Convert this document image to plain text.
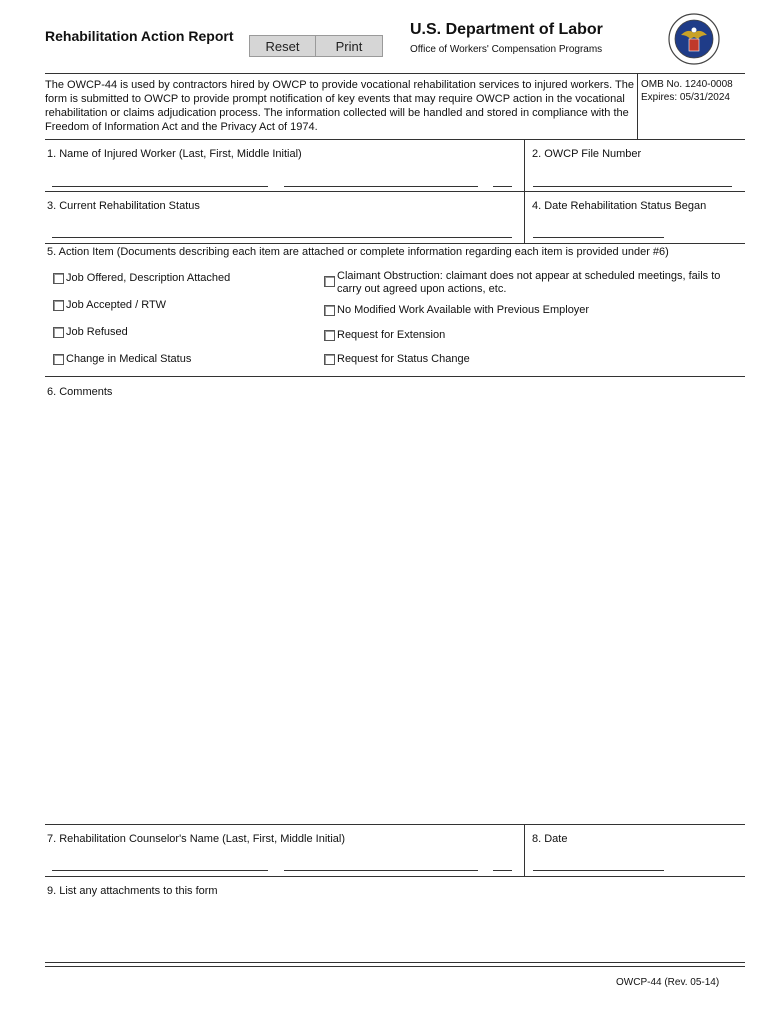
Rehabilitation Action Report
Reset	Print
U.S. Department of Labor
Office of Workers' Compensation Programs
The OWCP-44 is used by contractors hired by OWCP to provide vocational rehabilitation services to injured workers. The form is submitted to OWCP to provide prompt notification of key events that may require OWCP action in the vocational rehabilitation or claims adjudication process. The information collected will be handled and stored in compliance with the Freedom of Information Act and the Privacy Act of 1974.
OMB No. 1240-0008
Expires: 05/31/2024
1. Name of Injured Worker (Last, First, Middle Initial)	2. OWCP File Number
3. Current Rehabilitation Status	4. Date Rehabilitation Status Began
5. Action Item (Documents describing each item are attached or complete information regarding each item is provided under #6)
Job Offered, Description Attached
Job Accepted / RTW
Job Refused
Change in Medical Status
Claimant Obstruction: claimant does not appear at scheduled meetings, fails to carry out agreed upon actions, etc.
No Modified Work Available with Previous Employer
Request for Extension
Request for Status Change
6. Comments
7. Rehabilitation Counselor's Name (Last, First, Middle Initial)	8. Date
9. List any attachments to this form
OWCP-44 (Rev. 05-14)
